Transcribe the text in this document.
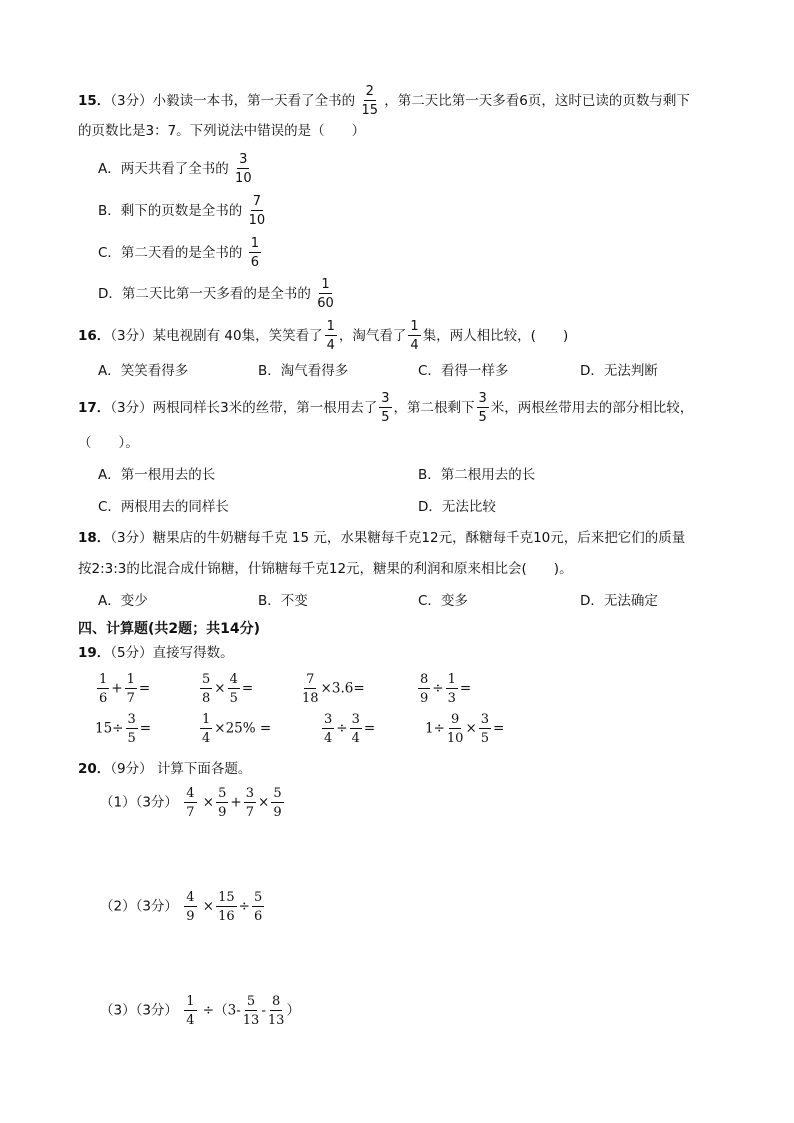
15．（3分）小毅读一本书，第一天看了全书的 $\frac{2}{15}$ ，第二天比第一天多看6页，这时已读的页数与剩下
的页数比是3：7。下列说法中错误的是（　　）
A．两天共看了全书的 $\frac{3}{10}$
B．剩下的页数是全书的 $\frac{7}{10}$
C．第二天看的是全书的 $\frac{1}{6}$
D．第二天比第一天多看的是全书的 $\frac{1}{60}$
16．（3分）某电视剧有 40集，笑笑看了 $\frac{1}{4}$ ，淘气看了 $\frac{1}{4}$ 集，两人相比较，(　　)
A．笑笑看得多	B．淘气看得多	C．看得一样多	D．无法判断
17．（3分）两根同样长3米的丝带，第一根用去了 $\frac{3}{5}$ ，第二根剩下 $\frac{3}{5}$ 米，两根丝带用去的部分相比较，
（　　）。
A．第一根用去的长	B．第二根用去的长
C．两根用去的同样长	D．无法比较
18．（3分）糖果店的牛奶糖每千克 15 元，水果糖每千克12元，酥糖每千克10元，后来把它们的质量
按2:3:3的比混合成什锦糖，什锦糖每千克12元，糖果的利润和原来相比会(　　)。
A．变少	B．不变	C．变多	D．无法确定
四、计算题(共2题；共14分)
19．（5分）直接写得数。
$\frac{1}{6} + \frac{1}{7}$ =	$\frac{5}{8} \times \frac{4}{5}$ =	$\frac{7}{18} \times 3.6=$	$\frac{8}{9} \div \frac{1}{3}$ =
$15\div \frac{3}{5}$ =	$\frac{1}{4} \times 25\%$ =	$\frac{3}{4} \div \frac{3}{4}$ =	$1\div \frac{9}{10} \times \frac{3}{5}$ =
20．（9分） 计算下面各题。
（1）（3分） $\frac{4}{7} \times \frac{5}{9} + \frac{3}{7} \times \frac{5}{9}$
（2）（3分） $\frac{4}{9} \times \frac{15}{16} \div \frac{5}{6}$
（3）（3分） $\frac{1}{4} \div(3- \frac{5}{13} - \frac{8}{13}$ ）
